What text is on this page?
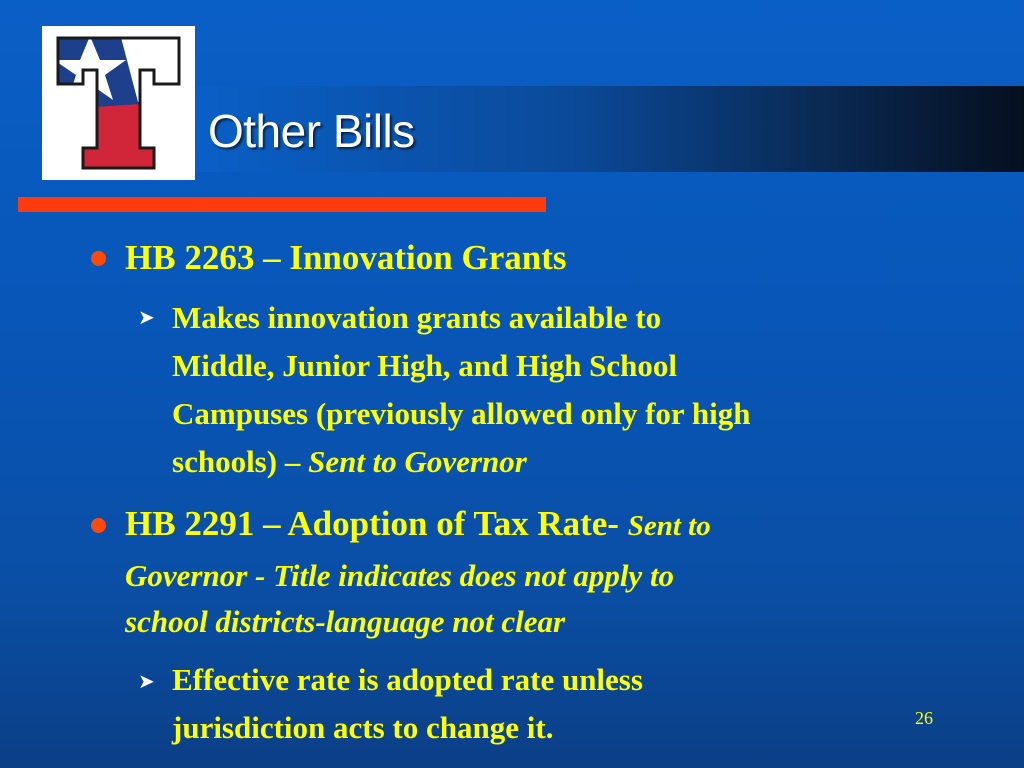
Other Bills

HB 2263 – Innovation Grants

➤ Makes innovation grants available to

Middle, Junior High, and High School

Campuses (previously allowed only for high

schools) – Sent to Governor

HB 2291 – Adoption of Tax Rate- Sent to

Governor - Title indicates does not apply to

school districts-language not clear

➤ Effective rate is adopted rate unless

jurisdiction acts to change it.	26
